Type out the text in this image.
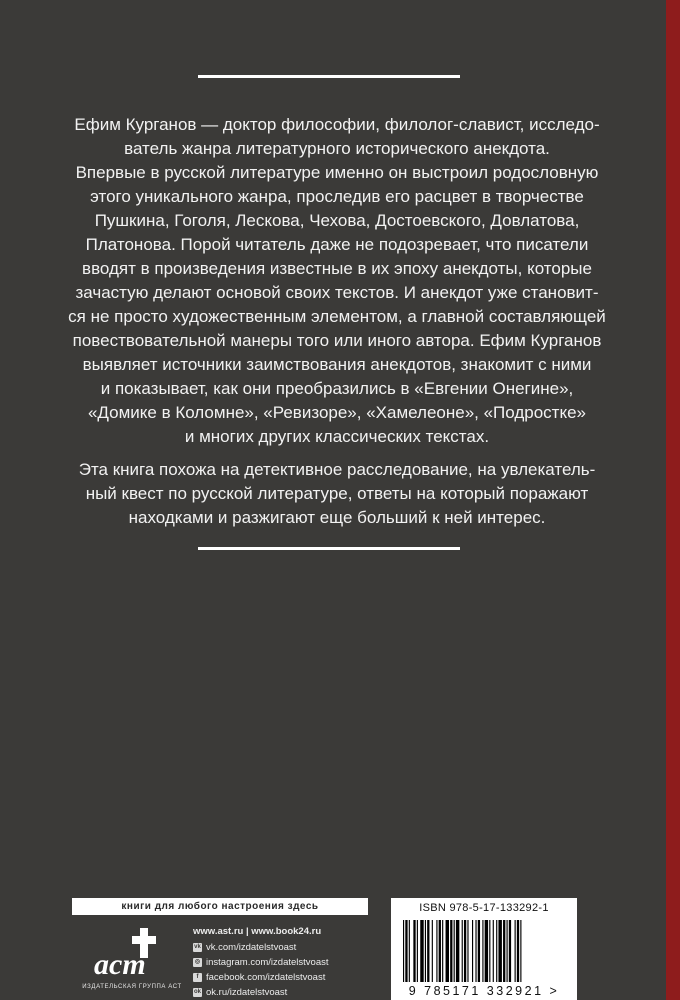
Ефим Курганов — доктор философии, филолог-славист, исследо-
ватель жанра литературного исторического анекдота.
Впервые в русской литературе именно он выстроил родословную
этого уникального жанра, проследив его расцвет в творчестве
Пушкина, Гоголя, Лескова, Чехова, Достоевского, Довлатова,
Платонова. Порой читатель даже не подозревает, что писатели
вводят в произведения известные в их эпоху анекдоты, которые
зачастую делают основой своих текстов. И анекдот уже становит-
ся не просто художественным элементом, а главной составляющей
повествовательной манеры того или иного автора. Ефим Курганов
выявляет источники заимствования анекдотов, знакомит с ними
и показывает, как они преобразились в «Евгении Онегине»,
«Домике в Коломне», «Ревизоре», «Хамелеоне», «Подростке»
и многих других классических текстах.
Эта книга похожа на детективное расследование, на увлекатель-
ный квест по русской литературе, ответы на который поражают
находками и разжигают еще больший к ней интерес.
книги для любого настроения здесь
аст
ИЗДАТЕЛЬСКАЯ ГРУППА АСТ
www.ast.ru | www.book24.ru
vk vk.com/izdatelstvoast
◎ instagram.com/izdatelstvoast
f facebook.com/izdatelstvoast
ok ok.ru/izdatelstvoast
ISBN 978-5-17-133292-1
9 785171 332921 >
